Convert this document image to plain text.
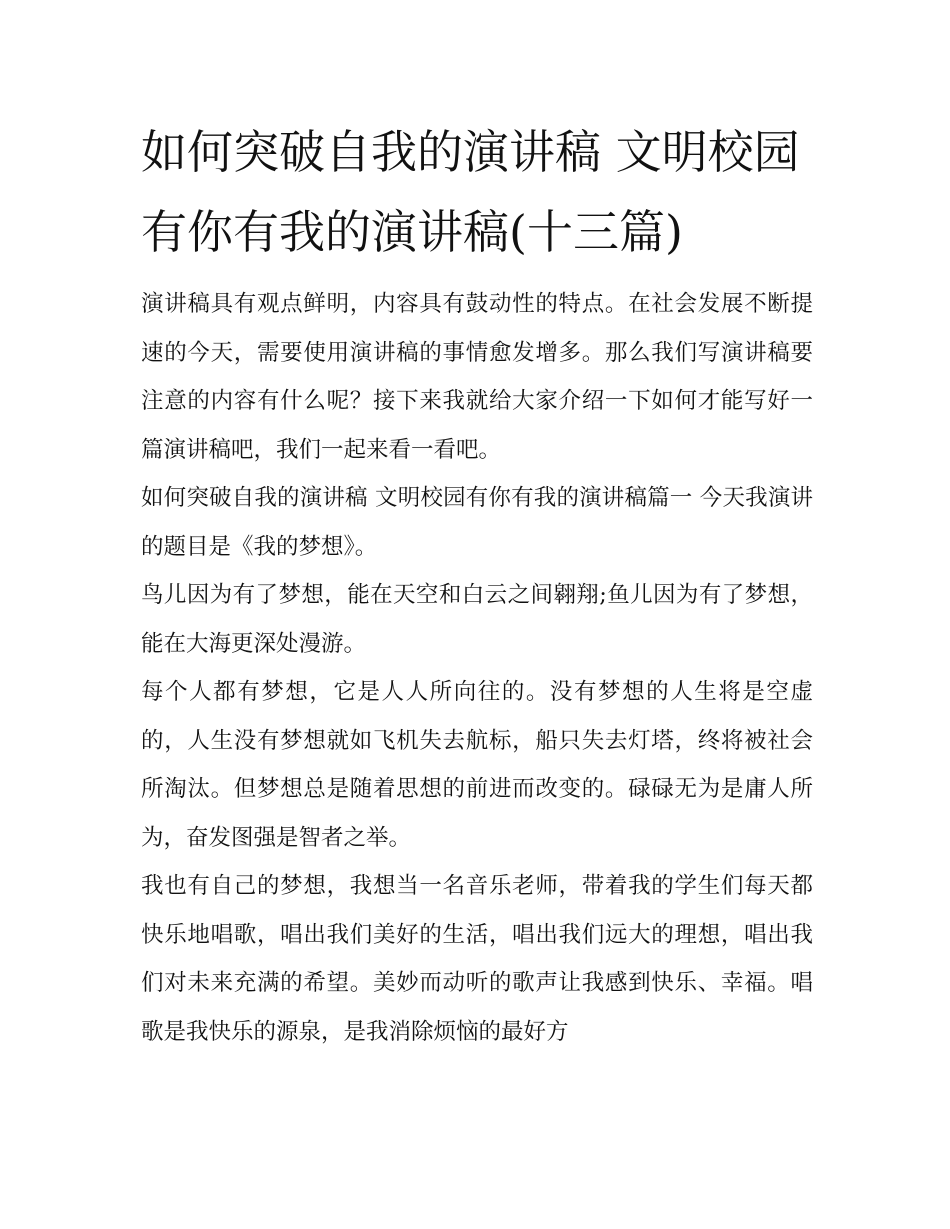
如何突破自我的演讲稿 文明校园有你有我的演讲稿(十三篇)

演讲稿具有观点鲜明，内容具有鼓动性的特点。在社会发展不断提速的今天，需要使用演讲稿的事情愈发增多。那么我们写演讲稿要注意的内容有什么呢？接下来我就给大家介绍一下如何才能写好一篇演讲稿吧，我们一起来看一看吧。

如何突破自我的演讲稿 文明校园有你有我的演讲稿篇一 今天我演讲的题目是《我的梦想》。

鸟儿因为有了梦想，能在天空和白云之间翱翔;鱼儿因为有了梦想，能在大海更深处漫游。

每个人都有梦想，它是人人所向往的。没有梦想的人生将是空虚的，人生没有梦想就如飞机失去航标，船只失去灯塔，终将被社会所淘汰。但梦想总是随着思想的前进而改变的。碌碌无为是庸人所为，奋发图强是智者之举。

我也有自己的梦想，我想当一名音乐老师，带着我的学生们每天都快乐地唱歌，唱出我们美好的生活，唱出我们远大的理想，唱出我们对未来充满的希望。美妙而动听的歌声让我感到快乐、幸福。唱歌是我快乐的源泉，是我消除烦恼的最好方
